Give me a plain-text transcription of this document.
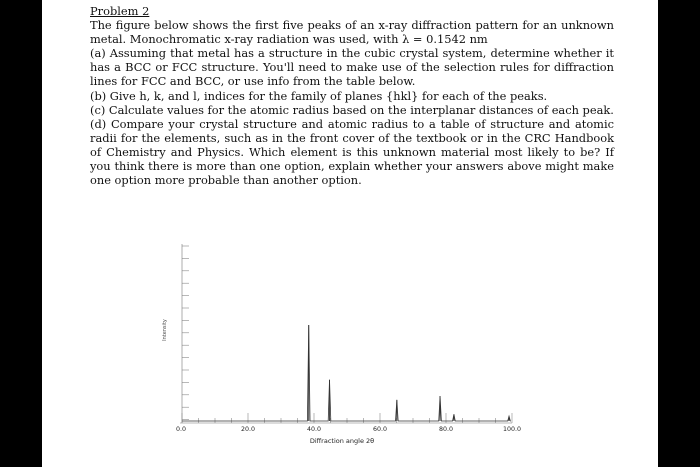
Problem 2

The figure below shows the first five peaks of an x-ray diffraction pattern for an unknown metal. Monochromatic x-ray radiation was used, with λ = 0.1542 nm

(a) Assuming that metal has a structure in the cubic crystal system, determine whether it has a BCC or FCC structure. You'll need to make use of the selection rules for diffraction lines for FCC and BCC, or use info from the table below.

(b) Give h, k, and l, indices for the family of planes {hkl} for each of the peaks.

(c) Calculate values for the atomic radius based on the interplanar distances of each peak.

(d) Compare your crystal structure and atomic radius to a table of structure and atomic radii for the elements, such as in the front cover of the textbook or in the CRC Handbook of Chemistry and Physics. Which element is this unknown material most likely to be? If you think there is more than one option, explain whether your answers above might make one option more probable than another option.

0.0	20.0	40.0	60.0	80.0	100.0
Diffraction angle 2θ
Intensity
